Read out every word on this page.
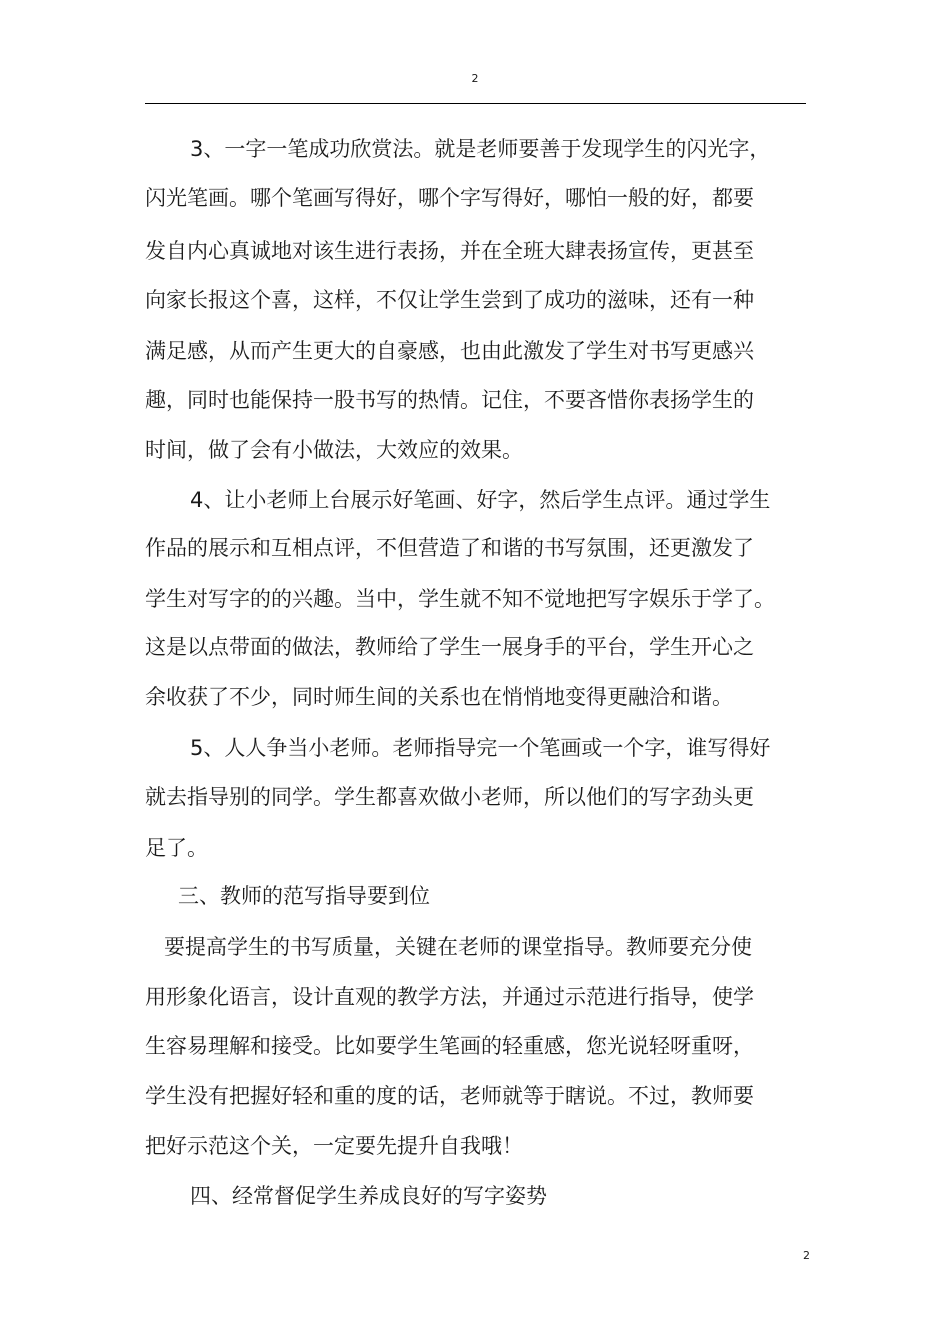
2
3、一字一笔成功欣赏法。就是老师要善于发现学生的闪光字，
闪光笔画。哪个笔画写得好，哪个字写得好，哪怕一般的好，都要
发自内心真诚地对该生进行表扬，并在全班大肆表扬宣传，更甚至
向家长报这个喜，这样，不仅让学生尝到了成功的滋味，还有一种
满足感，从而产生更大的自豪感，也由此激发了学生对书写更感兴
趣，同时也能保持一股书写的热情。记住，不要吝惜你表扬学生的
时间，做了会有小做法，大效应的效果。
4、让小老师上台展示好笔画、好字，然后学生点评。通过学生
作品的展示和互相点评，不但营造了和谐的书写氛围，还更激发了
学生对写字的的兴趣。当中，学生就不知不觉地把写字娱乐于学了。
这是以点带面的做法，教师给了学生一展身手的平台，学生开心之
余收获了不少，同时师生间的关系也在悄悄地变得更融洽和谐。
5、人人争当小老师。老师指导完一个笔画或一个字，谁写得好
就去指导别的同学。学生都喜欢做小老师，所以他们的写字劲头更
足了。
三、教师的范写指导要到位
要提高学生的书写质量，关键在老师的课堂指导。教师要充分使
用形象化语言，设计直观的教学方法，并通过示范进行指导，使学
生容易理解和接受。比如要学生笔画的轻重感，您光说轻呀重呀，
学生没有把握好轻和重的度的话，老师就等于瞎说。不过，教师要
把好示范这个关，一定要先提升自我哦！
四、经常督促学生养成良好的写字姿势
2
